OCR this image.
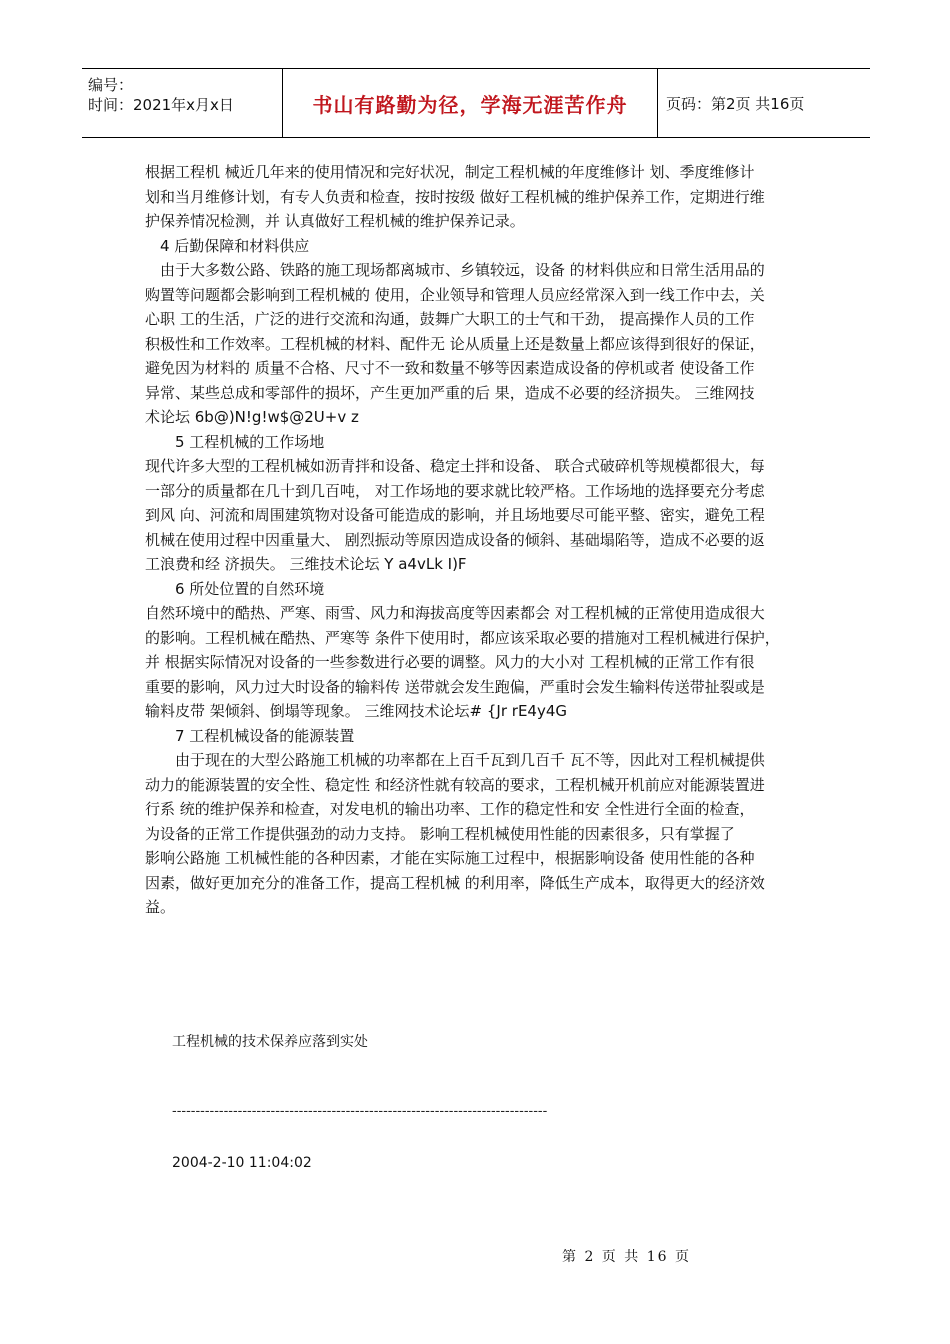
编号：
时间：2021年x月x日	书山有路勤为径，学海无涯苦作舟	页码：第2页 共16页

根据工程机 械近几年来的使用情况和完好状况，制定工程机械的年度维修计 划、季度维修计

划和当月维修计划，有专人负责和检查，按时按级 做好工程机械的维护保养工作，定期进行维

护保养情况检测，并 认真做好工程机械的维护保养记录。

4 后勤保障和材料供应

由于大多数公路、铁路的施工现场都离城市、乡镇较远，设备 的材料供应和日常生活用品的

购置等问题都会影响到工程机械的 使用，企业领导和管理人员应经常深入到一线工作中去，关

心职 工的生活，广泛的进行交流和沟通，鼓舞广大职工的士气和干劲， 提高操作人员的工作

积极性和工作效率。工程机械的材料、配件无 论从质量上还是数量上都应该得到很好的保证，

避免因为材料的 质量不合格、尺寸不一致和数量不够等因素造成设备的停机或者 使设备工作

异常、某些总成和零部件的损坏，产生更加严重的后 果，造成不必要的经济损失。 三维网技

术论坛 6b@)N!g!w$@2U+v z

5 工程机械的工作场地

现代许多大型的工程机械如沥青拌和设备、稳定土拌和设备、 联合式破碎机等规模都很大，每

一部分的质量都在几十到几百吨， 对工作场地的要求就比较严格。工作场地的选择要充分考虑

到风 向、河流和周围建筑物对设备可能造成的影响，并且场地要尽可能平整、密实，避免工程

机械在使用过程中因重量大、 剧烈振动等原因造成设备的倾斜、基础塌陷等，造成不必要的返

工浪费和经 济损失。 三维技术论坛 Y a4vLk I)F

6 所处位置的自然环境

自然环境中的酷热、严寒、雨雪、风力和海拔高度等因素都会 对工程机械的正常使用造成很大

的影响。工程机械在酷热、严寒等 条件下使用时，都应该采取必要的措施对工程机械进行保护，

并 根据实际情况对设备的一些参数进行必要的调整。风力的大小对 工程机械的正常工作有很

重要的影响，风力过大时设备的输料传 送带就会发生跑偏，严重时会发生输料传送带扯裂或是

输料皮带 架倾斜、倒塌等现象。 三维网技术论坛# {Jr rE4y4G

7 工程机械设备的能源装置

由于现在的大型公路施工机械的功率都在上百千瓦到几百千 瓦不等，因此对工程机械提供

动力的能源装置的安全性、稳定性 和经济性就有较高的要求，工程机械开机前应对能源装置进

行系 统的维护保养和检查，对发电机的输出功率、工作的稳定性和安 全性进行全面的检查，

为设备的正常工作提供强劲的动力支持。 影响工程机械使用性能的因素很多，只有掌握了

影响公路施 工机械性能的各种因素，才能在实际施工过程中，根据影响设备 使用性能的各种

因素，做好更加充分的准备工作，提高工程机械 的利用率，降低生产成本，取得更大的经济效

益。

工程机械的技术保养应落到实处
--------------------------------------------------------------------------------
2004-2-10 11:04:02
第 2 页 共 16 页
